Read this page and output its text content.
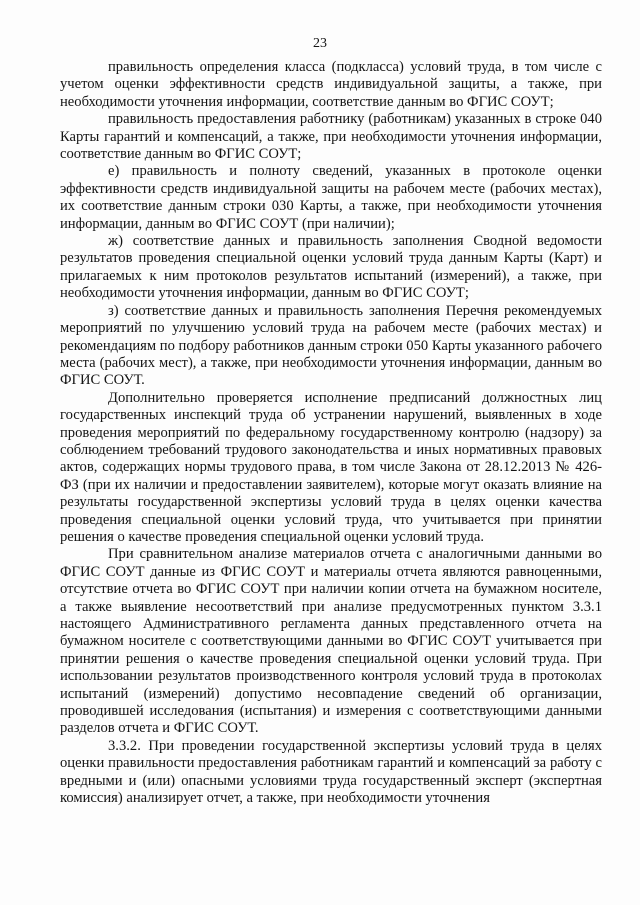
23

правильность определения класса (подкласса) условий труда, в том числе с учетом оценки эффективности средств индивидуальной защиты, а также, при необходимости уточнения информации, соответствие данным во ФГИС СОУТ;

правильность предоставления работнику (работникам) указанных в строке 040 Карты гарантий и компенсаций, а также, при необходимости уточнения информации, соответствие данным во ФГИС СОУТ;

е) правильность и полноту сведений, указанных в протоколе оценки эффективности средств индивидуальной защиты на рабочем месте (рабочих местах), их соответствие данным строки 030 Карты, а также, при необходимости уточнения информации, данным во ФГИС СОУТ (при наличии);

ж) соответствие данных и правильность заполнения Сводной ведомости результатов проведения специальной оценки условий труда данным Карты (Карт) и прилагаемых к ним протоколов результатов испытаний (измерений), а также, при необходимости уточнения информации, данным во ФГИС СОУТ;

з) соответствие данных и правильность заполнения Перечня рекомендуемых мероприятий по улучшению условий труда на рабочем месте (рабочих местах) и рекомендациям по подбору работников данным строки 050 Карты указанного рабочего места (рабочих мест), а также, при необходимости уточнения информации, данным во ФГИС СОУТ.

Дополнительно проверяется исполнение предписаний должностных лиц государственных инспекций труда об устранении нарушений, выявленных в ходе проведения мероприятий по федеральному государственному контролю (надзору) за соблюдением требований трудового законодательства и иных нормативных правовых актов, содержащих нормы трудового права, в том числе Закона от 28.12.2013 № 426-ФЗ (при их наличии и предоставлении заявителем), которые могут оказать влияние на результаты государственной экспертизы условий труда в целях оценки качества проведения специальной оценки условий труда, что учитывается при принятии решения о качестве проведения специальной оценки условий труда.

При сравнительном анализе материалов отчета с аналогичными данными во ФГИС СОУТ данные из ФГИС СОУТ и материалы отчета являются равноценными, отсутствие отчета во ФГИС СОУТ при наличии копии отчета на бумажном носителе, а также выявление несоответствий при анализе предусмотренных пунктом 3.3.1 настоящего Административного регламента данных представленного отчета на бумажном носителе с соответствующими данными во ФГИС СОУТ учитывается при принятии решения о качестве проведения специальной оценки условий труда. При использовании результатов производственного контроля условий труда в протоколах испытаний (измерений) допустимо несовпадение сведений об организации, проводившей исследования (испытания) и измерения с соответствующими данными разделов отчета и ФГИС СОУТ.

3.3.2. При проведении государственной экспертизы условий труда в целях оценки правильности предоставления работникам гарантий и компенсаций за работу с вредными и (или) опасными условиями труда государственный эксперт (экспертная комиссия) анализирует отчет, а также, при необходимости уточнения
